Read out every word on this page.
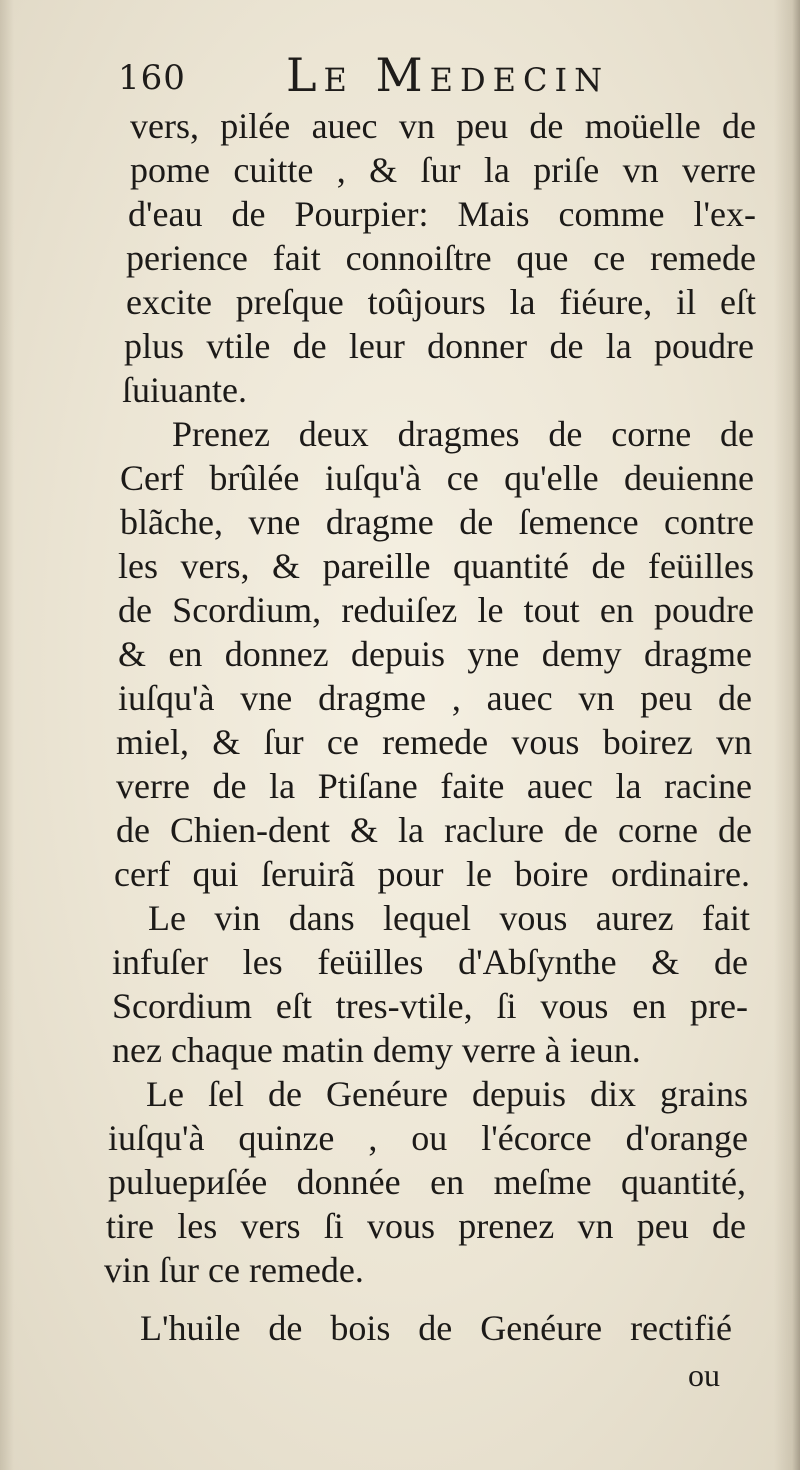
160 Le Medecin
vers, pilée auec vn peu de moüelle de
pome cuitte , & ſur la priſe vn verre
d'eau de Pourpier: Mais comme l'ex-
perience fait connoiſtre que ce remede
excite preſque toûjours la fiéure, il eſt
plus vtile de leur donner de la poudre
ſuiuante.
Prenez deux dragmes de corne de
Cerf brûlée iuſqu'à ce qu'elle deuienne
blãche, vne dragme de ſemence contre
les vers, & pareille quantité de feüilles
de Scordium, reduiſez le tout en poudre
& en donnez depuis yne demy dragme
iuſqu'à vne dragme , auec vn peu de
miel, & ſur ce remede vous boirez vn
verre de la Ptiſane faite auec la racine
de Chien-dent & la raclure de corne de
cerf qui ſeruirã pour le boire ordinaire.
Le vin dans lequel vous aurez fait
infuſer les feüilles d'Abſynthe & de
Scordium eſt tres-vtile, ſi vous en pre-
nez chaque matin demy verre à ieun.
Le ſel de Genéure depuis dix grains
iuſqu'à quinze , ou l'écorce d'orange
puluериſée donnée en meſme quantité,
tire les vers ſi vous prenez vn peu de
vin ſur ce remede.
L'huile de bois de Genéure rectifié
ou
